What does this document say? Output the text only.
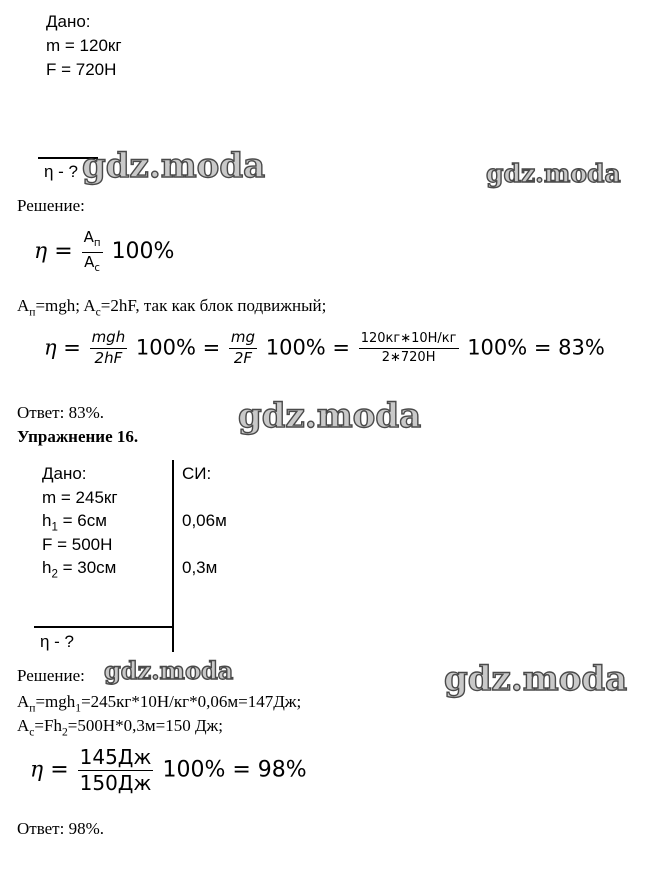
Дано:
m = 120кг
F = 720Н
η - ? gdz.moda	gdz.moda
Решение:
$\eta = \frac{A_п}{A_с} 100\%$
$A_п=mgh$; $A_с=2hF$, так как блок подвижный;
$\eta = \frac{\text{mgh}}{2hF} 100\% = \frac{mg}{2F} 100\% = \frac{120кг∗10Н/кг}{2∗720Н} 100\% = 83\%$
Ответ: 83%.	gdz.moda
Упражнение 16.
Дано:	СИ:
m = 245кг
$h_1 = 6см$	0,06м
F = 500Н
$h_2 = 30см$	0,3м
η - ?
Решение: gdz.moda	gdz.moda
$A_п=mgh_1=245кг*10Н/кг*0,06м=147Дж$;
$A_с=Fh_2=500Н*0,3м=150$ Дж;
$\eta = \frac{145Дж}{150Дж} 100\% = 98\%$
Ответ: 98%.
